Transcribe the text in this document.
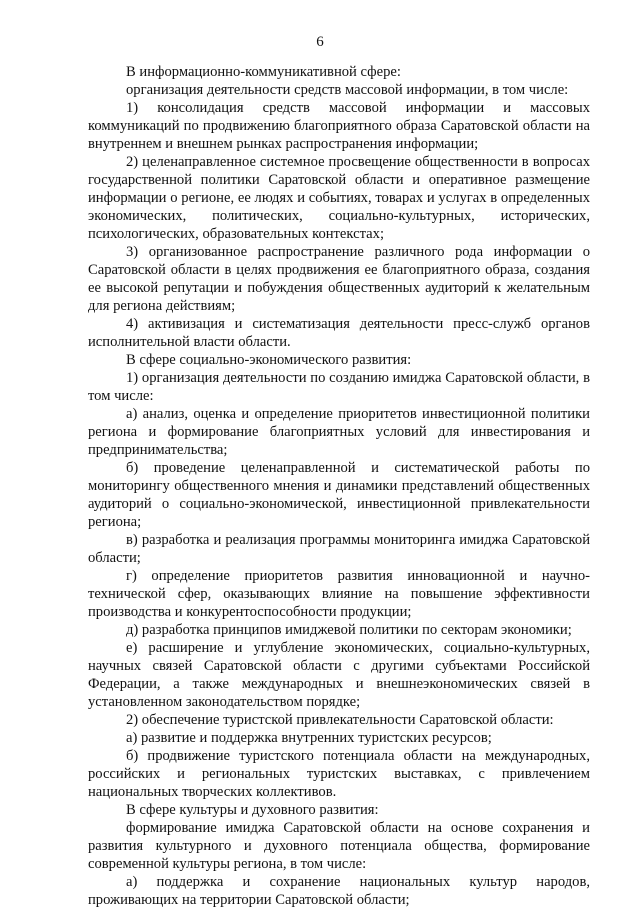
6

В информационно-коммуникативной сфере:

организация деятельности средств массовой информации, в том числе:

1) консолидация средств массовой информации и массовых коммуникаций по продвижению благоприятного образа Саратовской области на внутреннем и внешнем рынках распространения информации;

2) целенаправленное системное просвещение общественности в вопросах государственной политики Саратовской области и оперативное размещение информации о регионе, ее людях и событиях, товарах и услугах в определенных экономических, политических, социально-культурных, исторических, психологических, образовательных контекстах;

3) организованное распространение различного рода информации о Саратовской области в целях продвижения ее благоприятного образа, создания ее высокой репутации и побуждения общественных аудиторий к желательным для региона действиям;

4) активизация и систематизация деятельности пресс-служб органов исполнительной власти области.

В сфере социально-экономического развития:

1) организация деятельности по созданию имиджа Саратовской области, в том числе:

а) анализ, оценка и определение приоритетов инвестиционной политики региона и формирование благоприятных условий для инвестирования и предпринимательства;

б) проведение целенаправленной и систематической работы по мониторингу общественного мнения и динамики представлений общественных аудиторий о социально-экономической, инвестиционной привлекательности региона;

в) разработка и реализация программы мониторинга имиджа Саратовской области;

г) определение приоритетов развития инновационной и научно-технической сфер, оказывающих влияние на повышение эффективности производства и конкурентоспособности продукции;

д) разработка принципов имиджевой политики по секторам экономики;

е) расширение и углубление экономических, социально-культурных, научных связей Саратовской области с другими субъектами Российской Федерации, а также международных и внешнеэкономических связей в установленном законодательством порядке;

2) обеспечение туристской привлекательности Саратовской области:

а) развитие и поддержка внутренних туристских ресурсов;

б) продвижение туристского потенциала области на международных, российских и региональных туристских выставках, с привлечением национальных творческих коллективов.

В сфере культуры и духовного развития:

формирование имиджа Саратовской области на основе сохранения и развития культурного и духовного потенциала общества, формирование современной культуры региона, в том числе:

а) поддержка и сохранение национальных культур народов, проживающих на территории Саратовской области;
